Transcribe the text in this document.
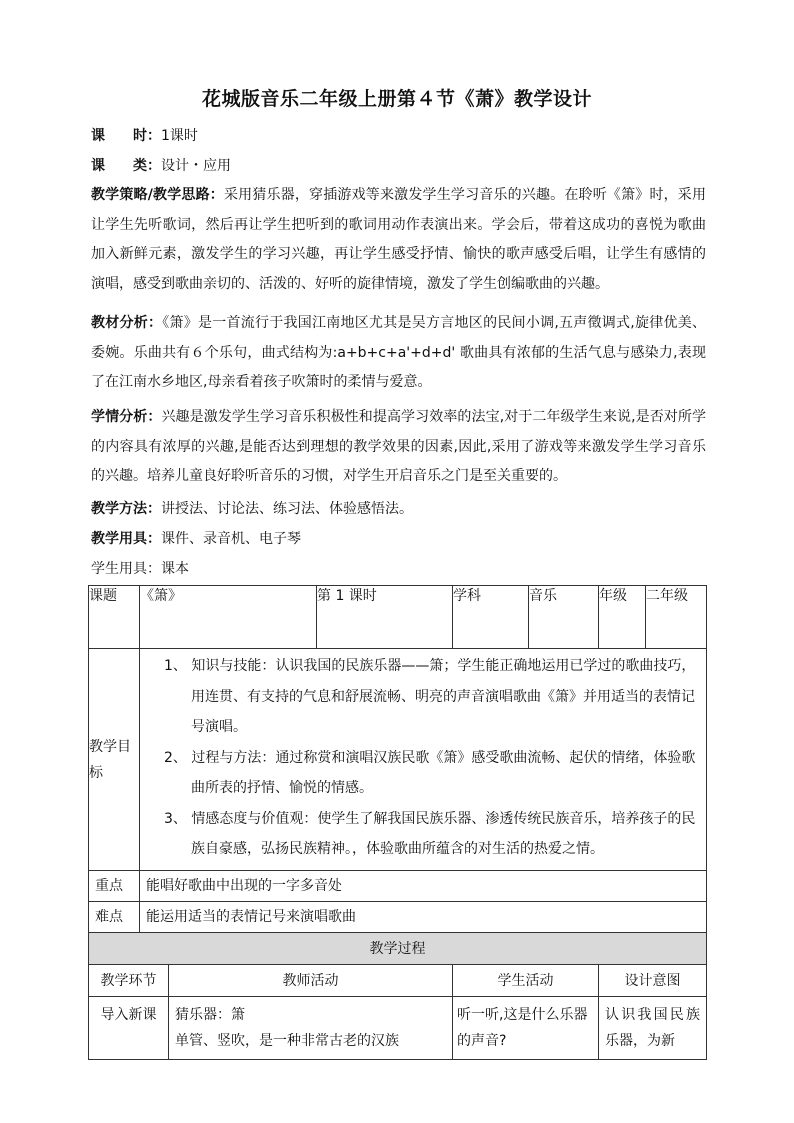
花城版音乐二年级上册第４节《萧》教学设计
课　　时：1课时
课　　类：设计・应用
教学策略/教学思路：采用猜乐器，穿插游戏等来激发学生学习音乐的兴趣。在聆听《箫》时，采用让学生先听歌词，然后再让学生把听到的歌词用动作表演出来。学会后，带着这成功的喜悦为歌曲加入新鲜元素，激发学生的学习兴趣，再让学生感受抒情、愉快的歌声感受后唱，让学生有感情的演唱，感受到歌曲亲切的、活泼的、好听的旋律情境，激发了学生创编歌曲的兴趣。
教材分析：《箫》是一首流行于我国江南地区尤其是吴方言地区的民间小调,五声徵调式,旋律优美、委婉。乐曲共有６个乐句，曲式结构为:a+b+c+a'+d+d' 歌曲具有浓郁的生活气息与感染力,表现了在江南水乡地区,母亲看着孩子吹箫时的柔情与爱意。
学情分析：兴趣是激发学生学习音乐积极性和提高学习效率的法宝,对于二年级学生来说,是否对所学的内容具有浓厚的兴趣,是能否达到理想的教学效果的因素,因此,采用了游戏等来激发学生学习音乐的兴趣。培养儿童良好聆听音乐的习惯，对学生开启音乐之门是至关重要的。
教学方法：讲授法、讨论法、练习法、体验感悟法。
教学用具：课件、录音机、电子琴
学生用具：课本
课题	《箫》		第 1 课时	学科	音乐	年级	二年级
教学目标	1、 知识与技能：认识我国的民族乐器——箫；学生能正确地运用已学过的歌曲技巧，用连贯、有支持的气息和舒展流畅、明亮的声音演唱歌曲《箫》并用适当的表情记号演唱。

2、 过程与方法：通过称赏和演唱汉族民歌《箫》感受歌曲流畅、起伏的情绪，体验歌曲所表的抒情、愉悦的情感。

3、 情感态度与价值观：使学生了解我国民族乐器、渗透传统民族音乐，培养孩子的民族自豪感，弘扬民族精神。，体验歌曲所蕴含的对生活的热爱之情。						

重点	能唱好歌曲中出现的一字多音处						
难点	能运用适当的表情记号来演唱歌曲						
教学过程							
教学环节		教师活动		学生活动		设计意图	
导入新课		猜乐器：箫
单管、竖吹，是一种非常古老的汉族		听一听,这是什么乐器的声音?		认识我国民族乐器，为新	
